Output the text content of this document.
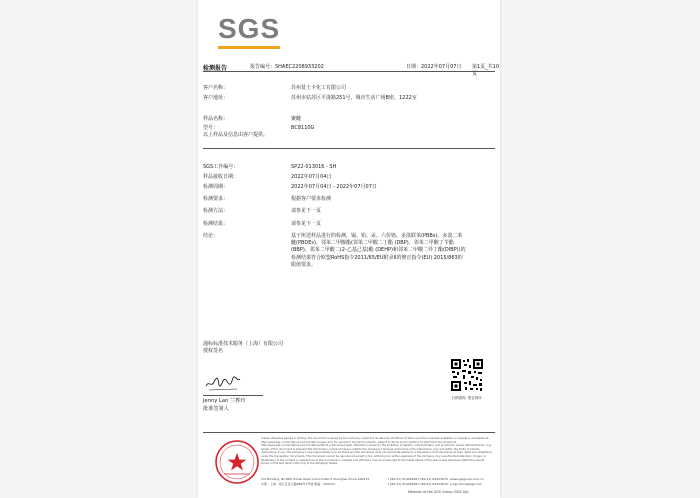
SGS
检测报告	报告编号：SHAEC2208933202	日期：2022年07月07日 第1页_共10页
客户名称：	苏州莫士卡化工有限公司
客户地址：	苏州市姑苏区平泷路251号，城市生活广场B座，1222室
样品名称：	聚醚
型号：	BC8110G
以上样品及信息由客户提供。
SGS工作编号：	SP22-013016 - SH
样品接收日期：	2022年07月04日
检测周期：	2022年07月04日 - 2022年07月07日
检测要求：	根据客户要求检测
检测方法：	请参见下一页
检测结果：	请参见下一页
结论：	基于所送样品进行的检测，镉、铅、汞、六价铬、多溴联苯(PBBs)、多溴二苯醚(PBDEs)、邻苯二甲酸酯(邻苯二甲酸二丁酯 (DBP)、邻苯二甲酸丁苄酯(BBP)、邻苯二甲酸二(2-乙基己基)酯 (DEHP)和邻苯二甲酸二异丁酯(DIBP))的检测结果符合欧盟RoHS指令2011/65/EU附录II的修正指令(EU) 2015/863的限值要求。
通标标准技术服务（上海）有限公司
授权签名
Jenny Lan 兰桦玲
批准签署人
扫码查询 报告真伪
Unless otherwise agreed in writing, this document is issued by the Company subject to its General Conditions of Service printed overleaf, available on request or accessible at http://www.sgs.com/en/Terms-and-Conditions.aspx and, for electronic format documents, subject to Terms and Conditions for Electronic Documents at http://www.sgs.com/en/Terms-and-Conditions/Terms-e-Document.aspx. Attention is drawn to the limitation of liability, indemnification and jurisdiction issues defined therein. Any holder of this document is advised that information contained hereon reflects the Company's findings at the time of its intervention only and within the limits of Client's instructions, if any. The Company's sole responsibility is to its Client and this document does not exonerate parties to a transaction from exercising all their rights and obligations under the transaction documents. This document cannot be reproduced except in full, without prior written approval of the Company. Any unauthorized alteration, forgery or falsification of the content or appearance of this document is unlawful and offenders may be prosecuted to the fullest extent of the law. Unless otherwise stated the results shown in this test report refer only to the sample(s) tested.
3rd Building, No.889 Yishan Road Xuhui District Shanghai China 200233
中国 · 上海 · 徐汇区宜山路889号3号楼 邮编：200233
t (86-21) 61402666 f (86-21) 64953679
t (86-21) 61402666 f (86-21) 64953679
www.sgsgroup.com.cn
e sgs.china@sgs.com
Member of the SGS Group (SGS SA)
